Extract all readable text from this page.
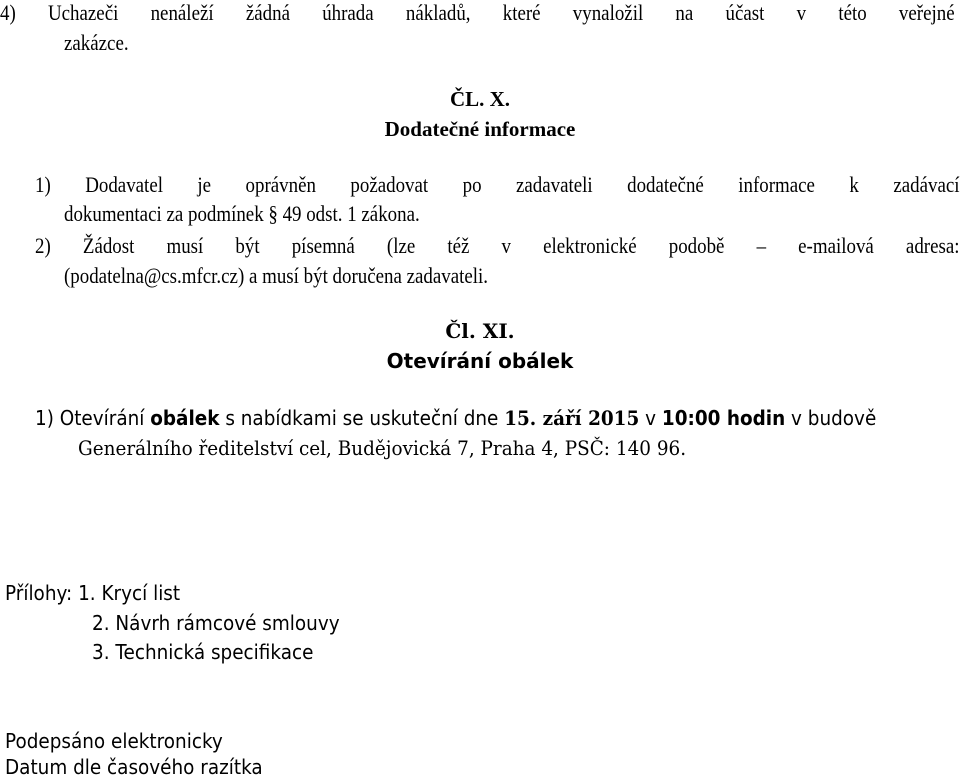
4) Uchazeči nenáleží žádná úhrada nákladů, které vynaložil na účast v této veřejné
zakázce.
ČL. X.
Dodatečné informace
1) Dodavatel je oprávněn požadovat po zadavateli dodatečné informace k zadávací
dokumentaci za podmínek § 49 odst. 1 zákona.
2) Žádost musí být písemná (lze též v elektronické podobě – e-mailová adresa:
(podatelna@cs.mfcr.cz) a musí být doručena zadavateli.
Čl. XI.
Otevírání obálek
1) Otevírání obálek s nabídkami se uskuteční dne 15. září 2015 v 10:00 hodin v budově
Generálního ředitelství cel, Budějovická 7, Praha 4, PSČ: 140 96.
Přílohy: 1. Krycí list
2. Návrh rámcové smlouvy
3. Technická specifikace
Podepsáno elektronicky
Datum dle časového razítka
